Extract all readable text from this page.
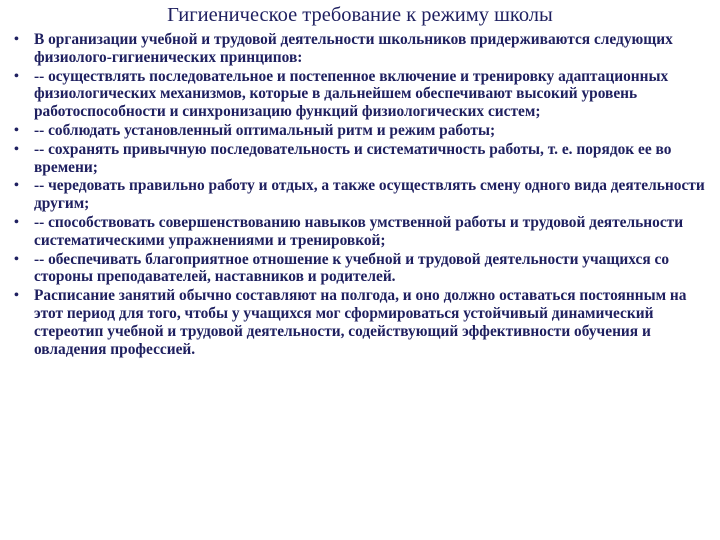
Гигиеническое требование к режиму школы
• В организации учебной и трудовой деятельности школьников придерживаются следующих физиолого-гигиенических принципов:
• -- осуществлять последовательное и постепенное включение и тренировку адаптационных физиологических механизмов, которые в дальнейшем обеспечивают высокий уровень работоспособности и синхронизацию функций физиологических систем;
• -- соблюдать установленный оптимальный ритм и режим работы;
• -- сохранять привычную последовательность и систематичность работы, т. е. порядок ее во времени;
• -- чередовать правильно работу и отдых, а также осуществлять смену одного вида деятельности другим;
• -- способствовать совершенствованию навыков умственной работы и трудовой деятельности систематическими упражнениями и тренировкой;
• -- обеспечивать благоприятное отношение к учебной и трудовой деятельности учащихся со стороны преподавателей, наставников и родителей.
• Расписание занятий обычно составляют на полгода, и оно должно оставаться постоянным на этот период для того, чтобы у учащихся мог сформироваться устойчивый динамический стереотип учебной и трудовой деятельности, содействующий эффективности обучения и овладения профессией.
